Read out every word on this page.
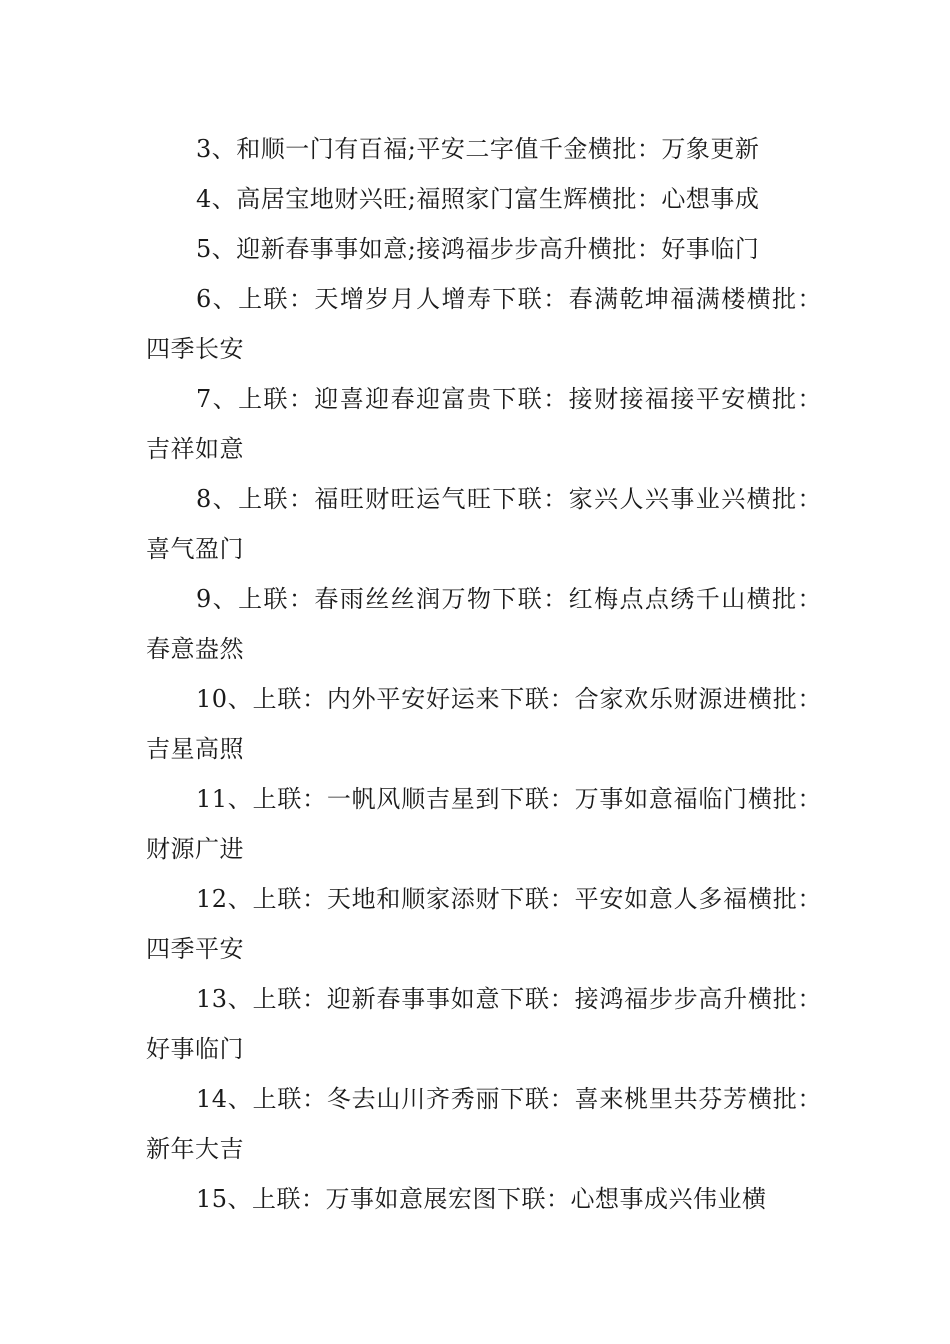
3、和顺一门有百福;平安二字值千金横批：万象更新

4、高居宝地财兴旺;福照家门富生辉横批：心想事成

5、迎新春事事如意;接鸿福步步高升横批：好事临门

6、上联：天增岁月人增寿下联：春满乾坤福满楼横批：四季长安

7、上联：迎喜迎春迎富贵下联：接财接福接平安横批：吉祥如意

8、上联：福旺财旺运气旺下联：家兴人兴事业兴横批：喜气盈门

9、上联：春雨丝丝润万物下联：红梅点点绣千山横批：春意盎然

10、上联：内外平安好运来下联：合家欢乐财源进横批：吉星高照

11、上联：一帆风顺吉星到下联：万事如意福临门横批：财源广进

12、上联：天地和顺家添财下联：平安如意人多福横批：四季平安

13、上联：迎新春事事如意下联：接鸿福步步高升横批：好事临门

14、上联：冬去山川齐秀丽下联：喜来桃里共芬芳横批：新年大吉

15、上联：万事如意展宏图下联：心想事成兴伟业横
